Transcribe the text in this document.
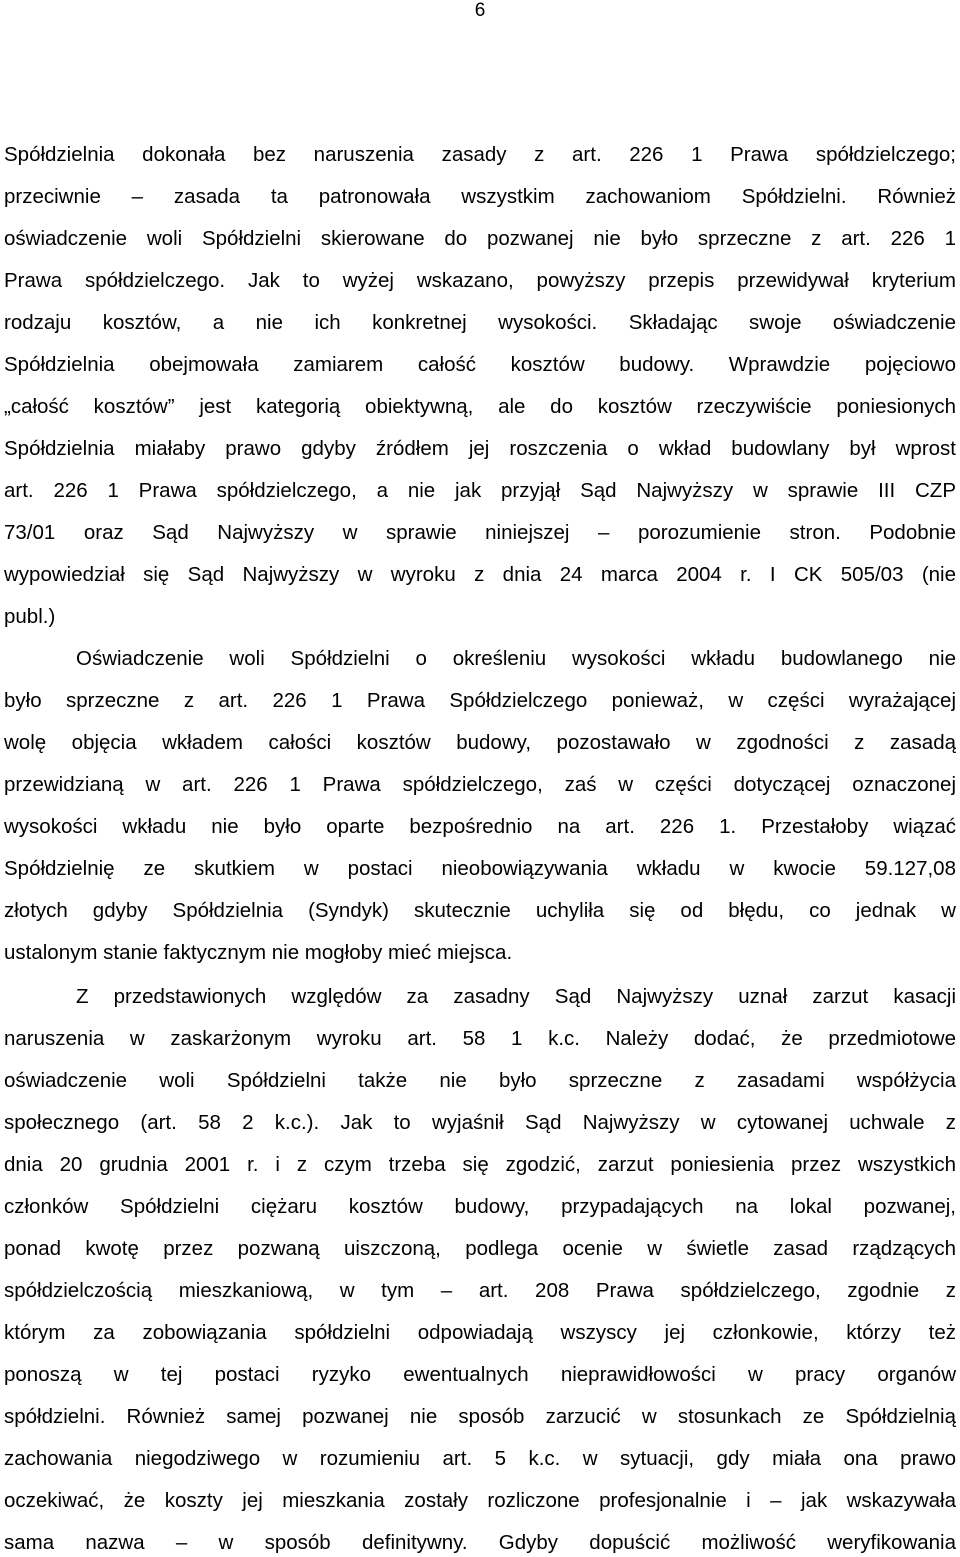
6
Spółdzielnia dokonała bez naruszenia zasady z art. 226 1 Prawa spółdzielczego;
przeciwnie – zasada ta patronowała wszystkim zachowaniom Spółdzielni. Również
oświadczenie woli Spółdzielni skierowane do pozwanej nie było sprzeczne z art. 226 1
Prawa spółdzielczego. Jak to wyżej wskazano, powyższy przepis przewidywał kryterium
rodzaju kosztów, a nie ich konkretnej wysokości. Składając swoje oświadczenie
Spółdzielnia obejmowała zamiarem całość kosztów budowy. Wprawdzie pojęciowo
„całość kosztów” jest kategorią obiektywną, ale do kosztów rzeczywiście poniesionych
Spółdzielnia miałaby prawo gdyby źródłem jej roszczenia o wkład budowlany był wprost
art. 226 1 Prawa spółdzielczego, a nie jak przyjął Sąd Najwyższy w sprawie III CZP
73/01 oraz Sąd Najwyższy w sprawie niniejszej – porozumienie stron. Podobnie
wypowiedział się Sąd Najwyższy w wyroku z dnia 24 marca 2004 r. I CK 505/03 (nie
publ.)
Oświadczenie woli Spółdzielni o określeniu wysokości wkładu budowlanego nie
było sprzeczne z art. 226 1 Prawa Spółdzielczego ponieważ, w części wyrażającej
wolę objęcia wkładem całości kosztów budowy, pozostawało w zgodności z zasadą
przewidzianą w art. 226 1 Prawa spółdzielczego, zaś w części dotyczącej oznaczonej
wysokości wkładu nie było oparte bezpośrednio na art. 226 1. Przestałoby wiązać
Spółdzielnię ze skutkiem w postaci nieobowiązywania wkładu w kwocie 59.127,08
złotych gdyby Spółdzielnia (Syndyk) skutecznie uchyliła się od błędu, co jednak w
ustalonym stanie faktycznym nie mogłoby mieć miejsca.
Z przedstawionych względów za zasadny Sąd Najwyższy uznał zarzut kasacji
naruszenia w zaskarżonym wyroku art. 58 1 k.c. Należy dodać, że przedmiotowe
oświadczenie woli Spółdzielni także nie było sprzeczne z zasadami współżycia
społecznego (art. 58 2 k.c.). Jak to wyjaśnił Sąd Najwyższy w cytowanej uchwale z
dnia 20 grudnia 2001 r. i z czym trzeba się zgodzić, zarzut poniesienia przez wszystkich
członków Spółdzielni ciężaru kosztów budowy, przypadających na lokal pozwanej,
ponad kwotę przez pozwaną uiszczoną, podlega ocenie w świetle zasad rządzących
spółdzielczością mieszkaniową, w tym – art. 208 Prawa spółdzielczego, zgodnie z
którym za zobowiązania spółdzielni odpowiadają wszyscy jej członkowie, którzy też
ponoszą w tej postaci ryzyko ewentualnych nieprawidłowości w pracy organów
spółdzielni. Również samej pozwanej nie sposób zarzucić w stosunkach ze Spółdzielnią
zachowania niegodziwego w rozumieniu art. 5 k.c. w sytuacji, gdy miała ona prawo
oczekiwać, że koszty jej mieszkania zostały rozliczone profesjonalnie i – jak wskazywała
sama nazwa – w sposób definitywny. Gdyby dopuścić możliwość weryfikowania
